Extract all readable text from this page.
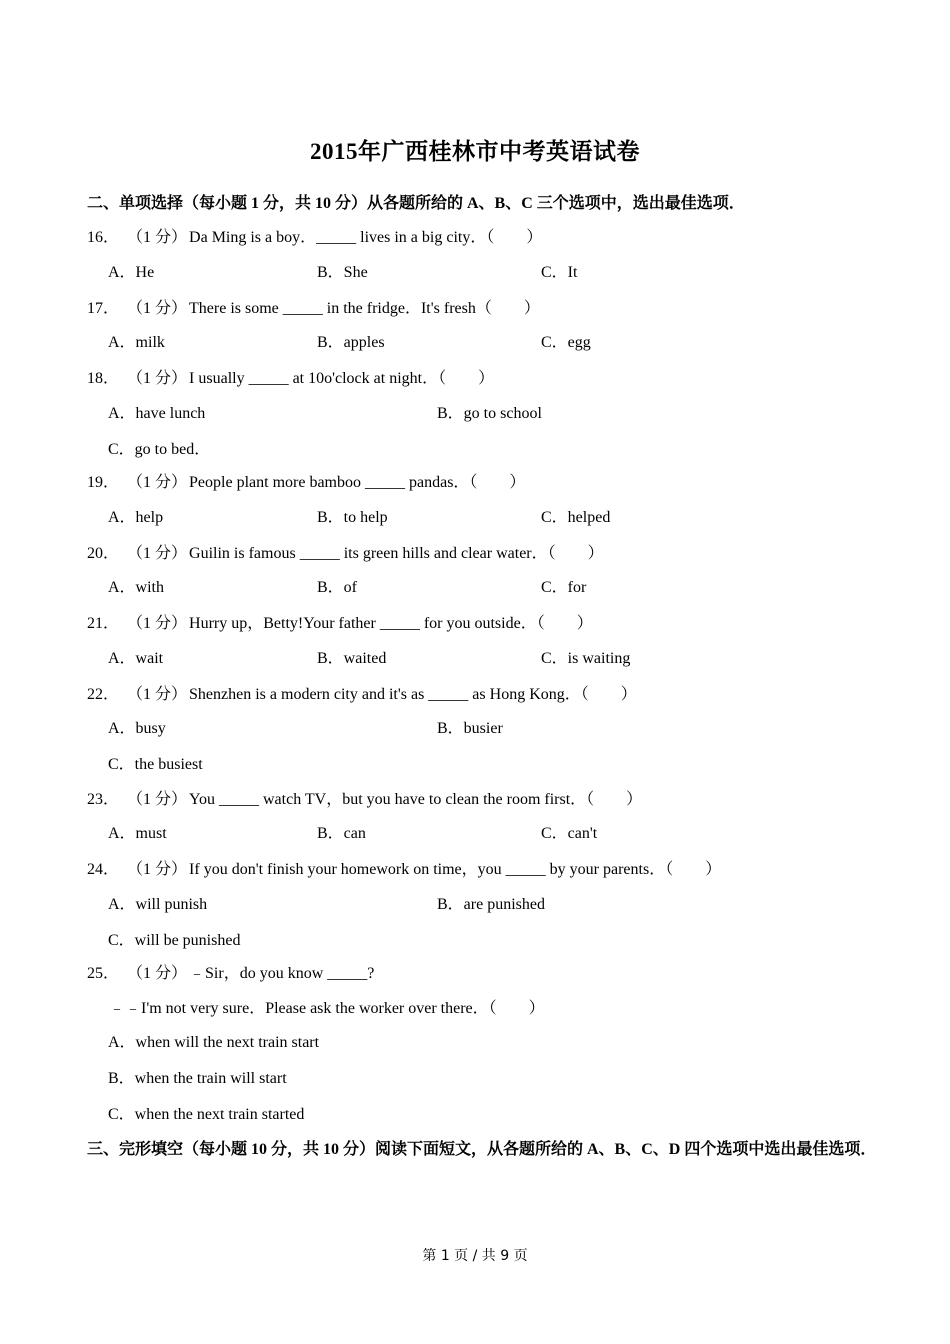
2015年广西桂林市中考英语试卷
二、单项选择（每小题 1 分，共 10 分）从各题所给的 A、B、C 三个选项中，选出最佳选项．
16． （1 分） Da Ming is a boy．_____ lives in a big city．（　　）
A．He	B．She	C．It
17． （1 分） There is some _____ in the fridge．It's fresh（　　）
A．milk	B．apples	C．egg
18． （1 分） I usually _____ at 10o'clock at night．（　　）
A．have lunch	B．go to school
C．go to bed．
19． （1 分） People plant more bamboo _____ pandas．（　　）
A．help	B．to help	C．helped
20． （1 分） Guilin is famous _____ its green hills and clear water．（　　）
A．with	B．of	C．for
21． （1 分） Hurry up，Betty!Your father _____ for you outside．（　　）
A．wait	B．waited	C．is waiting
22． （1 分） Shenzhen is a modern city and it's as _____ as Hong Kong．（　　）
A．busy	B．busier
C．the busiest
23． （1 分） You _____ watch TV，but you have to clean the room first．（　　）
A．must	B．can	C．can't
24． （1 分） If you don't finish your homework on time，you _____ by your parents．（　　）
A．will punish	B．are punished
C．will be punished
25． （1 分） ﹣Sir，do you know _____?
﹣﹣I'm not very sure．Please ask the worker over there．（　　）
A．when will the next train start
B．when the train will start
C．when the next train started
三、完形填空（每小题 10 分，共 10 分）阅读下面短文，从各题所给的 A、B、C、D 四个选项中选出最佳选项．
第 1 页 / 共 9 页
